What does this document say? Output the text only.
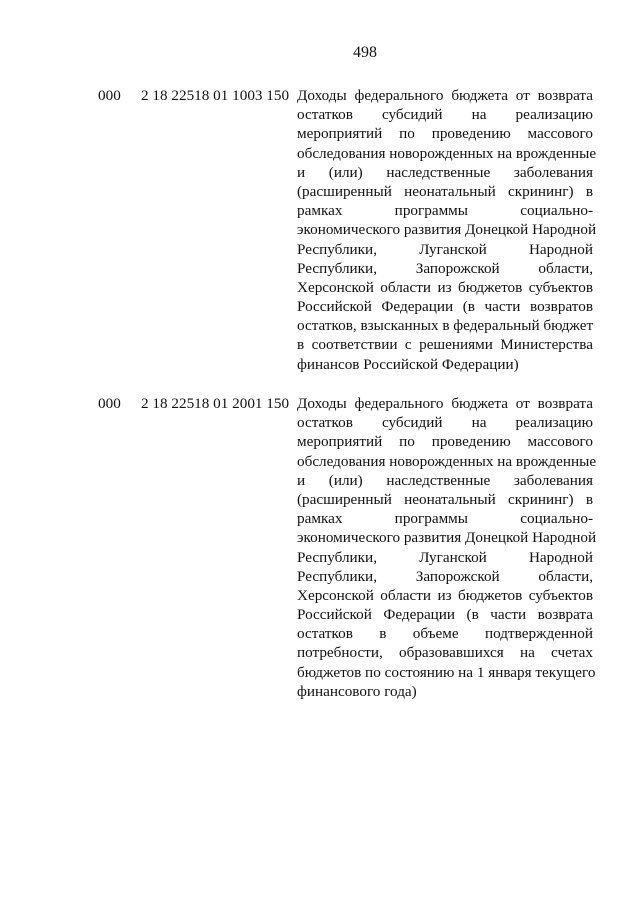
498
000 2 18 22518 01 1003 150 Доходы федерального бюджета от возврата
остатков субсидий на реализацию
мероприятий по проведению массового
обследования новорожденных на врожденные
и (или) наследственные заболевания
(расширенный неонатальный скрининг) в
рамках программы социально-
экономического развития Донецкой Народной
Республики, Луганской Народной
Республики, Запорожской области,
Херсонской области из бюджетов субъектов
Российской Федерации (в части возвратов
остатков, взысканных в федеральный бюджет
в соответствии с решениями Министерства
финансов Российской Федерации)
000 2 18 22518 01 2001 150 Доходы федерального бюджета от возврата
остатков субсидий на реализацию
мероприятий по проведению массового
обследования новорожденных на врожденные
и (или) наследственные заболевания
(расширенный неонатальный скрининг) в
рамках программы социально-
экономического развития Донецкой Народной
Республики, Луганской Народной
Республики, Запорожской области,
Херсонской области из бюджетов субъектов
Российской Федерации (в части возврата
остатков в объеме подтвержденной
потребности, образовавшихся на счетах
бюджетов по состоянию на 1 января текущего
финансового года)
